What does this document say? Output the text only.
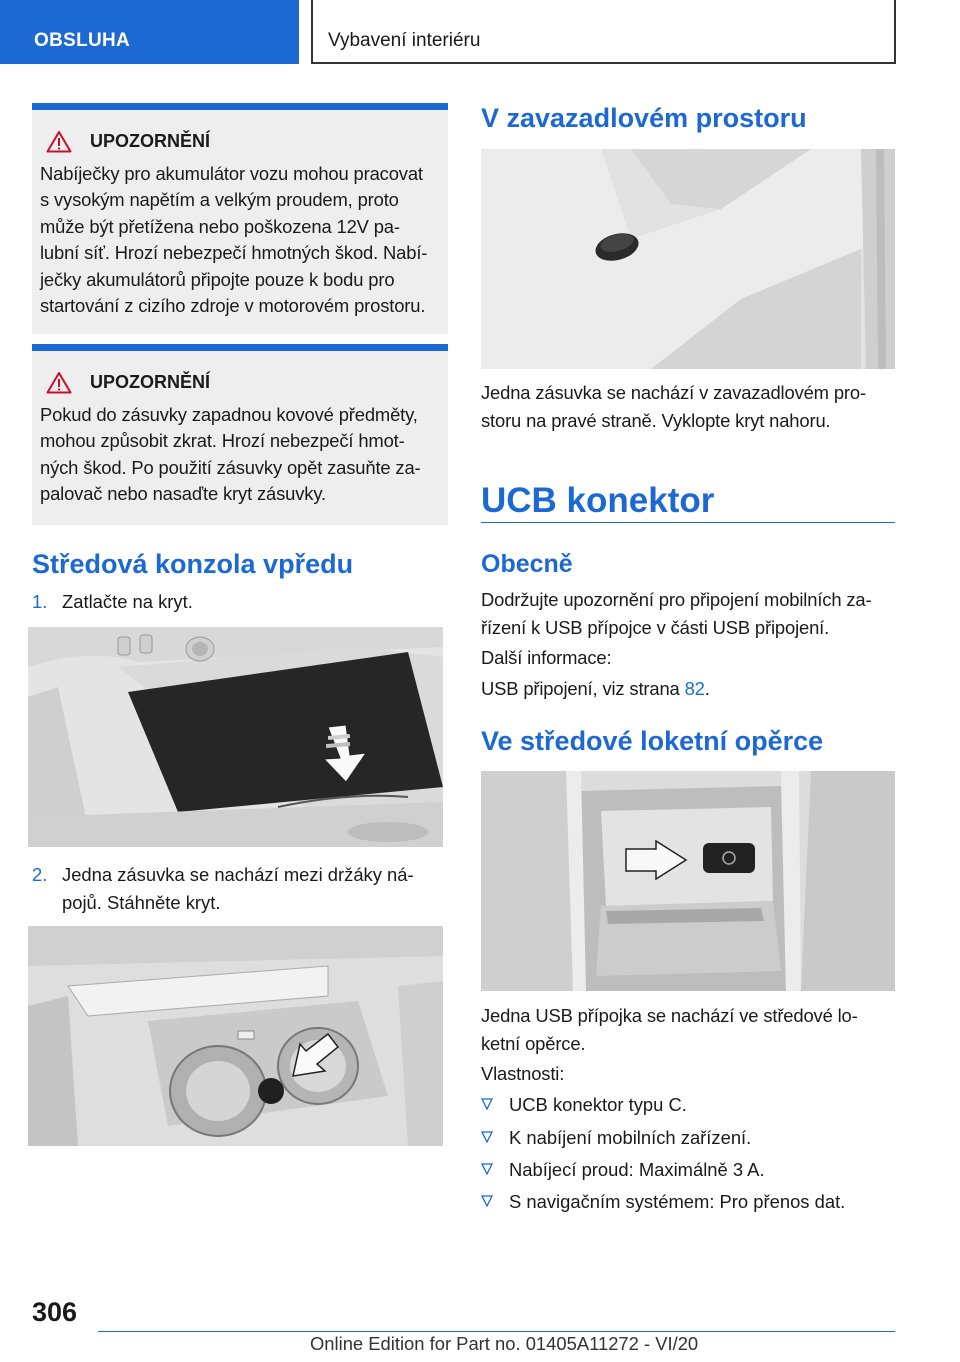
OBSLUHA	Vybavení interiéru
UPOZORNĚNÍ

Nabíječky pro akumulátor vozu mohou pracovat
s vysokým napětím a velkým proudem, proto
může být přetížena nebo poškozena 12V pa‐
lubní síť. Hrozí nebezpečí hmotných škod. Nabí‐
ječky akumulátorů připojte pouze k bodu pro
startování z cizího zdroje v motorovém prostoru.

UPOZORNĚNÍ

Pokud do zásuvky zapadnou kovové předměty,
mohou způsobit zkrat. Hrozí nebezpečí hmot‐
ných škod. Po použití zásuvky opět zasuňte za‐
palovač nebo nasaďte kryt zásuvky.

Středová konzola vpředu
1. Zatlačte na kryt.
2. Jedna zásuvka se nachází mezi držáky ná‐
pojů. Stáhněte kryt.
V zavazadlovém prostoru
Jedna zásuvka se nachází v zavazadlovém pro‐
storu na pravé straně. Vyklopte kryt nahoru.
UCB konektor
Obecně
Dodržujte upozornění pro připojení mobilních za‐
řízení k USB přípojce v části USB připojení.
Další informace:
USB připojení, viz strana 82.
Ve středové loketní opěrce
Jedna USB přípojka se nachází ve středové lo‐
ketní opěrce.
Vlastnosti:
UCB konektor typu C.
K nabíjení mobilních zařízení.
Nabíjecí proud: Maximálně 3 A.
S navigačním systémem: Pro přenos dat.
306
Online Edition for Part no. 01405A11272 - VI/20
